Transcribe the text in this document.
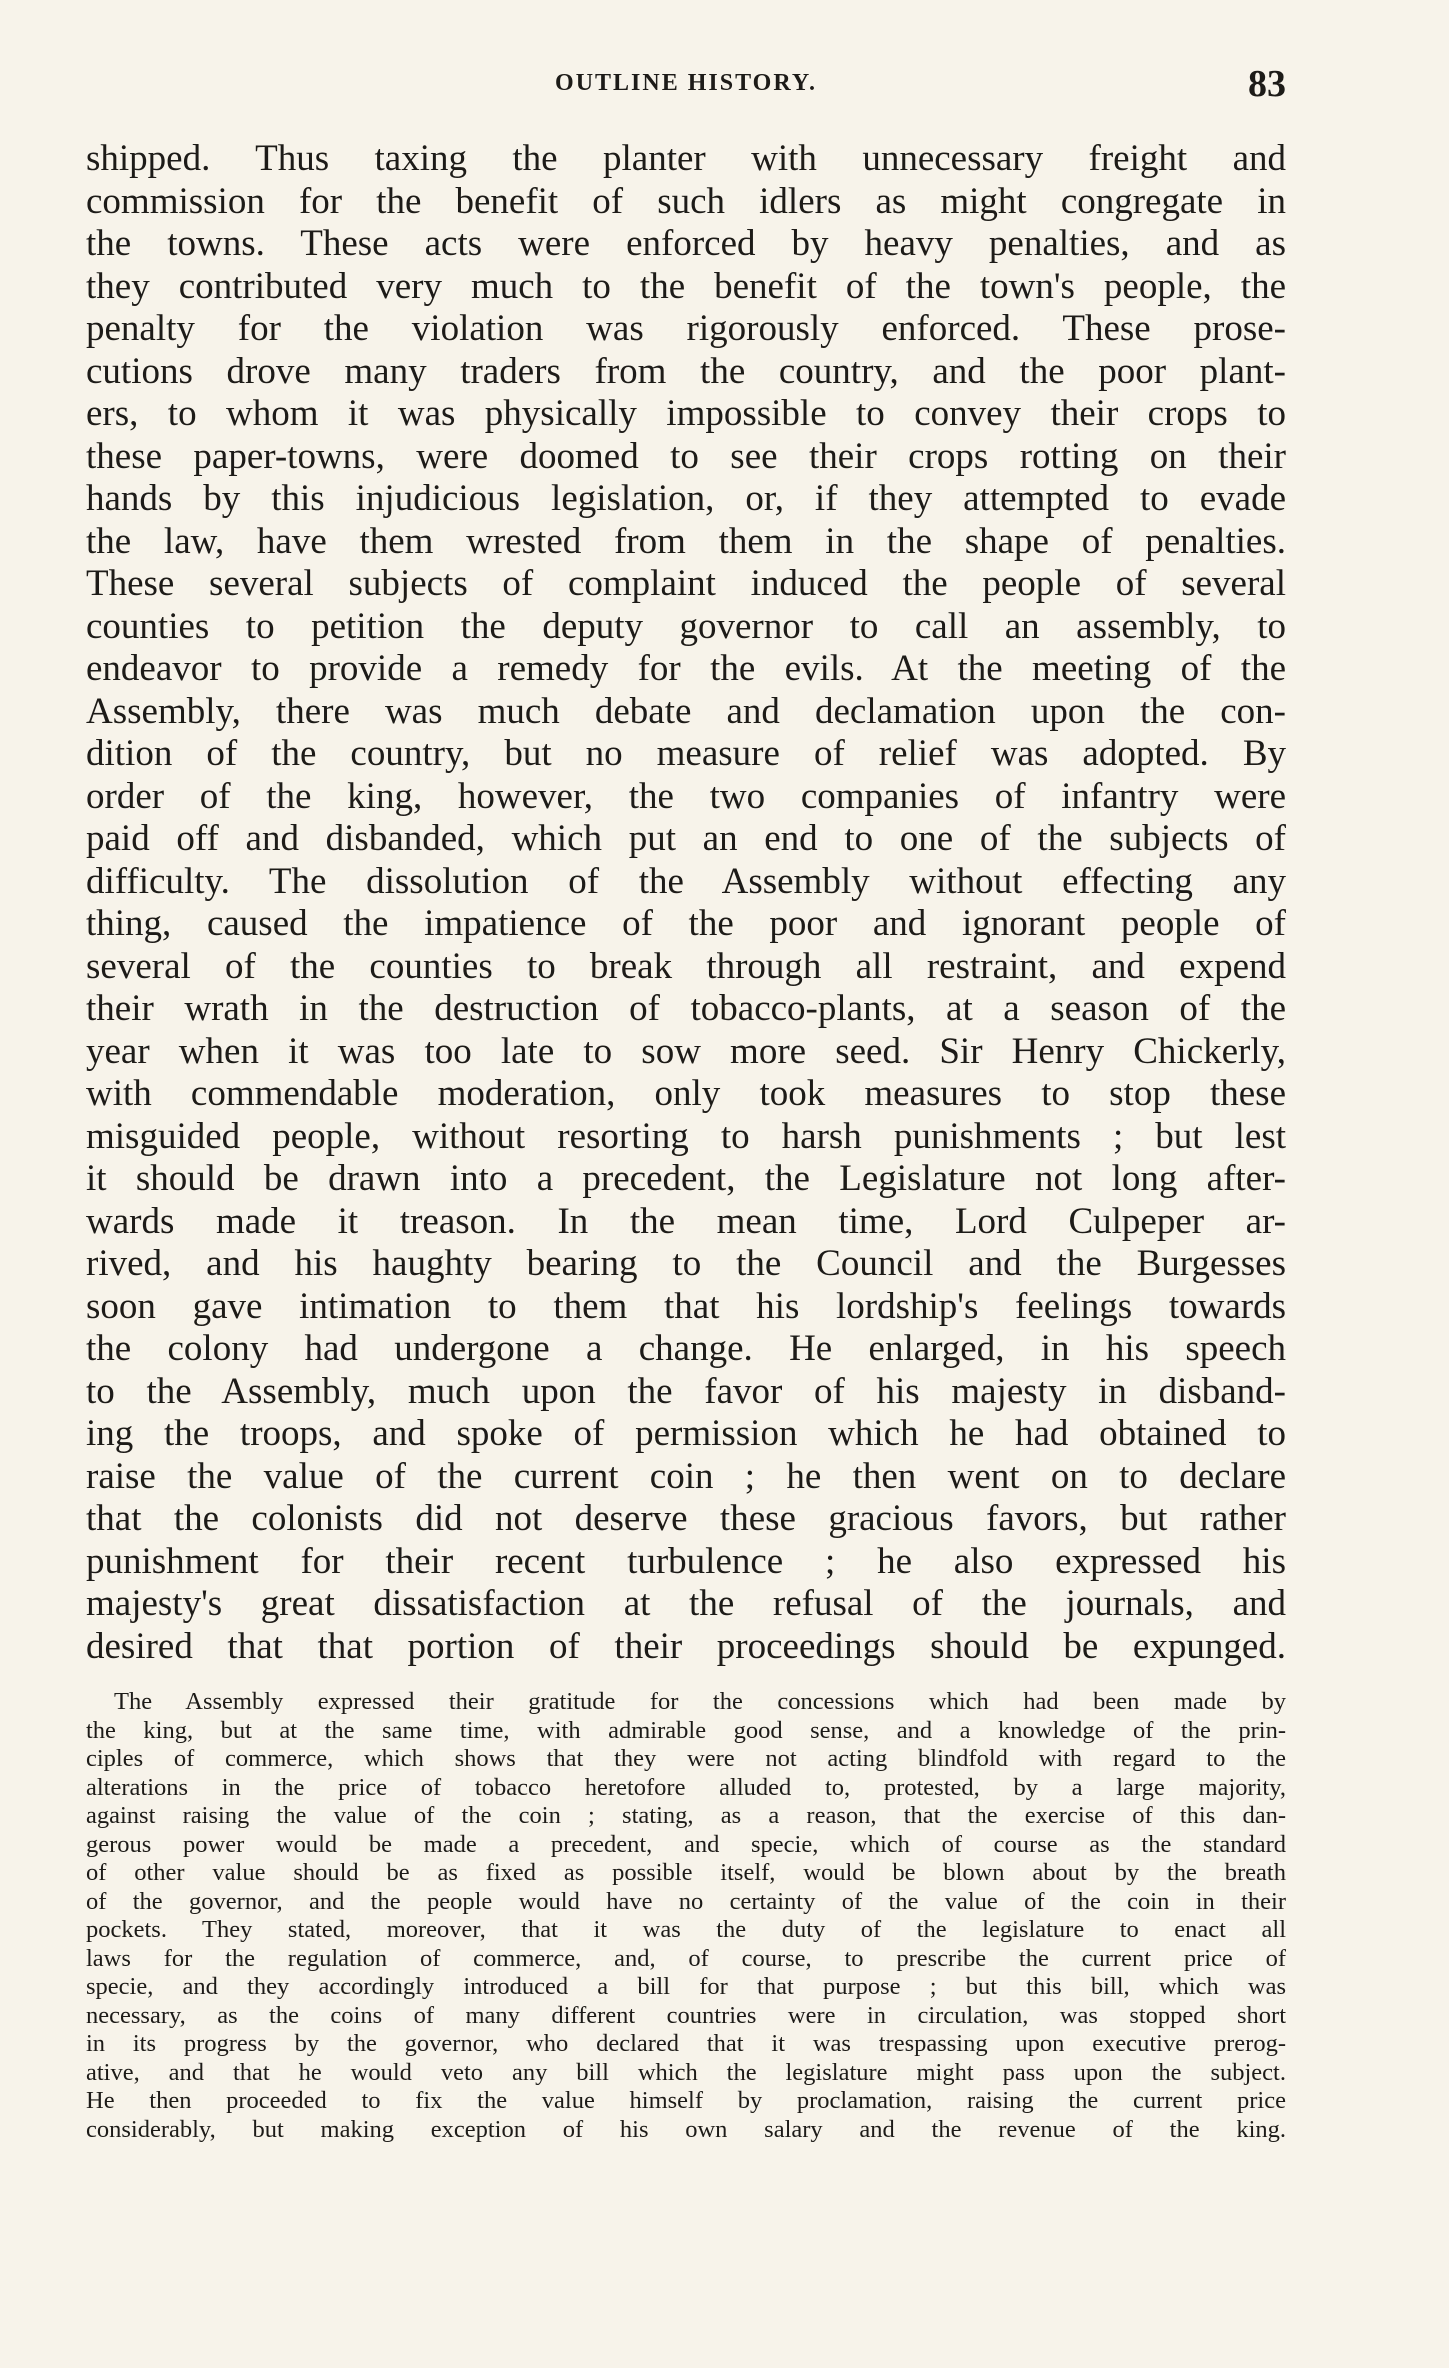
OUTLINE HISTORY.	83
shipped. Thus taxing the planter with unnecessary freight and
commission for the benefit of such idlers as might congregate in
the towns. These acts were enforced by heavy penalties, and as
they contributed very much to the benefit of the town's people, the
penalty for the violation was rigorously enforced. These prose-
cutions drove many traders from the country, and the poor plant-
ers, to whom it was physically impossible to convey their crops to
these paper-towns, were doomed to see their crops rotting on their
hands by this injudicious legislation, or, if they attempted to evade
the law, have them wrested from them in the shape of penalties.
These several subjects of complaint induced the people of several
counties to petition the deputy governor to call an assembly, to
endeavor to provide a remedy for the evils. At the meeting of the
Assembly, there was much debate and declamation upon the con-
dition of the country, but no measure of relief was adopted. By
order of the king, however, the two companies of infantry were
paid off and disbanded, which put an end to one of the subjects of
difficulty. The dissolution of the Assembly without effecting any
thing, caused the impatience of the poor and ignorant people of
several of the counties to break through all restraint, and expend
their wrath in the destruction of tobacco-plants, at a season of the
year when it was too late to sow more seed. Sir Henry Chickerly,
with commendable moderation, only took measures to stop these
misguided people, without resorting to harsh punishments ; but lest
it should be drawn into a precedent, the Legislature not long after-
wards made it treason. In the mean time, Lord Culpeper ar-
rived, and his haughty bearing to the Council and the Burgesses
soon gave intimation to them that his lordship's feelings towards
the colony had undergone a change. He enlarged, in his speech
to the Assembly, much upon the favor of his majesty in disband-
ing the troops, and spoke of permission which he had obtained to
raise the value of the current coin ; he then went on to declare
that the colonists did not deserve these gracious favors, but rather
punishment for their recent turbulence ; he also expressed his
majesty's great dissatisfaction at the refusal of the journals, and
desired that that portion of their proceedings should be expunged.
The Assembly expressed their gratitude for the concessions which had been made by
the king, but at the same time, with admirable good sense, and a knowledge of the prin-
ciples of commerce, which shows that they were not acting blindfold with regard to the
alterations in the price of tobacco heretofore alluded to, protested, by a large majority,
against raising the value of the coin ; stating, as a reason, that the exercise of this dan-
gerous power would be made a precedent, and specie, which of course as the standard
of other value should be as fixed as possible itself, would be blown about by the breath
of the governor, and the people would have no certainty of the value of the coin in their
pockets. They stated, moreover, that it was the duty of the legislature to enact all
laws for the regulation of commerce, and, of course, to prescribe the current price of
specie, and they accordingly introduced a bill for that purpose ; but this bill, which was
necessary, as the coins of many different countries were in circulation, was stopped short
in its progress by the governor, who declared that it was trespassing upon executive prerog-
ative, and that he would veto any bill which the legislature might pass upon the subject.
He then proceeded to fix the value himself by proclamation, raising the current price
considerably, but making exception of his own salary and the revenue of the king.
